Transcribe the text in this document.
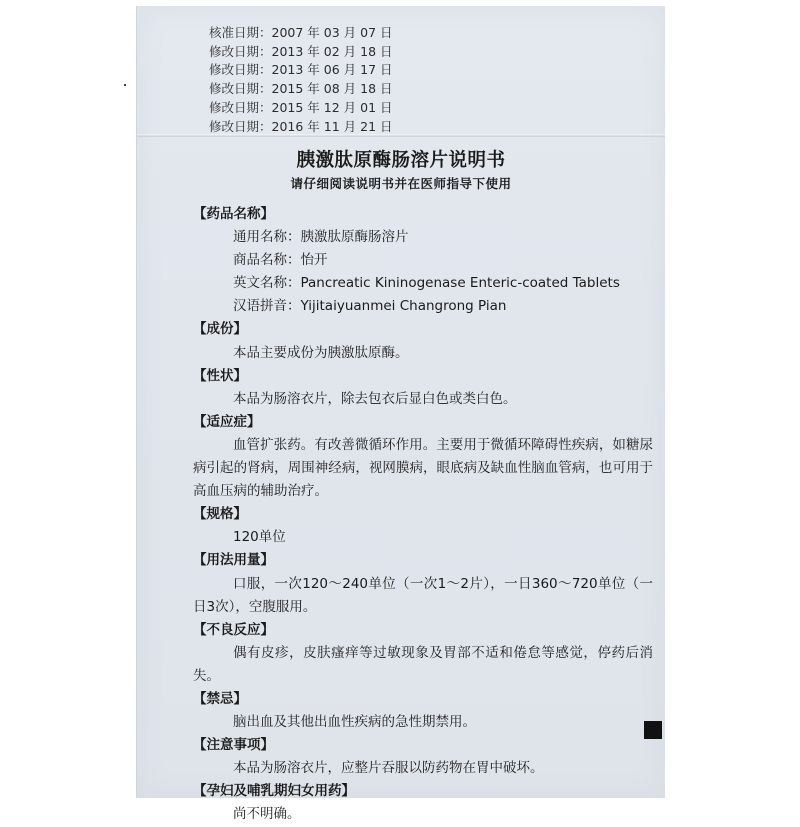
核准日期：2007 年 03 月 07 日
修改日期：2013 年 02 月 18 日
修改日期：2013 年 06 月 17 日
修改日期：2015 年 08 月 18 日
修改日期：2015 年 12 月 01 日
修改日期：2016 年 11 月 21 日
胰激肽原酶肠溶片说明书
请仔细阅读说明书并在医师指导下使用
【药品名称】
通用名称：胰激肽原酶肠溶片
商品名称：怡开
英文名称：Pancreatic Kininogenase Enteric-coated Tablets
汉语拼音：Yijitaiyuanmei Changrong Pian
【成份】
本品主要成份为胰激肽原酶。
【性状】
本品为肠溶衣片，除去包衣后显白色或类白色。
【适应症】
血管扩张药。有改善微循环作用。主要用于微循环障碍性疾病，如糖尿病引起的肾病，周围神经病，视网膜病，眼底病及缺血性脑血管病，也可用于高血压病的辅助治疗。
【规格】
120单位
【用法用量】
口服，一次120～240单位（一次1～2片），一日360～720单位（一日3次），空腹服用。
【不良反应】
偶有皮疹，皮肤瘙痒等过敏现象及胃部不适和倦怠等感觉，停药后消失。
【禁忌】
脑出血及其他出血性疾病的急性期禁用。
【注意事项】
本品为肠溶衣片，应整片吞服以防药物在胃中破坏。
【孕妇及哺乳期妇女用药】
尚不明确。
